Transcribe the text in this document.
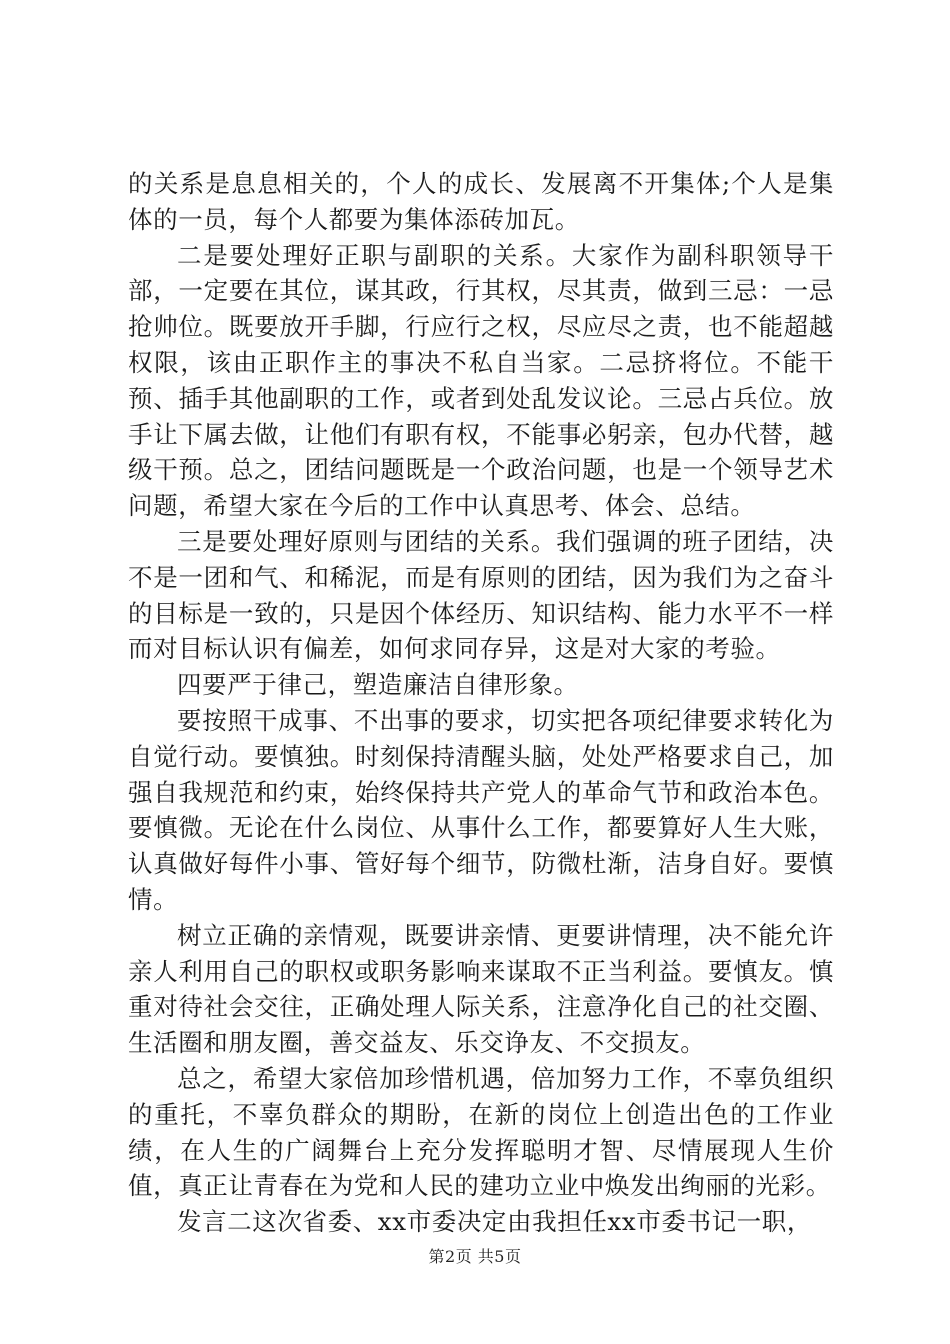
的关系是息息相关的，个人的成长、发展离不开集体;个人是集体的一员，每个人都要为集体添砖加瓦。

二是要处理好正职与副职的关系。大家作为副科职领导干部，一定要在其位，谋其政，行其权，尽其责，做到三忌：一忌抢帅位。既要放开手脚，行应行之权，尽应尽之责，也不能超越权限，该由正职作主的事决不私自当家。二忌挤将位。不能干预、插手其他副职的工作，或者到处乱发议论。三忌占兵位。放手让下属去做，让他们有职有权，不能事必躬亲，包办代替，越级干预。总之，团结问题既是一个政治问题，也是一个领导艺术问题，希望大家在今后的工作中认真思考、体会、总结。

三是要处理好原则与团结的关系。我们强调的班子团结，决不是一团和气、和稀泥，而是有原则的团结，因为我们为之奋斗的目标是一致的，只是因个体经历、知识结构、能力水平不一样而对目标认识有偏差，如何求同存异，这是对大家的考验。

四要严于律己，塑造廉洁自律形象。

要按照干成事、不出事的要求，切实把各项纪律要求转化为自觉行动。要慎独。时刻保持清醒头脑，处处严格要求自己，加强自我规范和约束，始终保持共产党人的革命气节和政治本色。要慎微。无论在什么岗位、从事什么工作，都要算好人生大账，认真做好每件小事、管好每个细节，防微杜渐，洁身自好。要慎情。

树立正确的亲情观，既要讲亲情、更要讲情理，决不能允许亲人利用自己的职权或职务影响来谋取不正当利益。要慎友。慎重对待社会交往，正确处理人际关系，注意净化自己的社交圈、生活圈和朋友圈，善交益友、乐交诤友、不交损友。

总之，希望大家倍加珍惜机遇，倍加努力工作，不辜负组织的重托，不辜负群众的期盼，在新的岗位上创造出色的工作业绩，在人生的广阔舞台上充分发挥聪明才智、尽情展现人生价值，真正让青春在为党和人民的建功立业中焕发出绚丽的光彩。

发言二这次省委、xx市委决定由我担任xx市委书记一职，

第2页 共5页
